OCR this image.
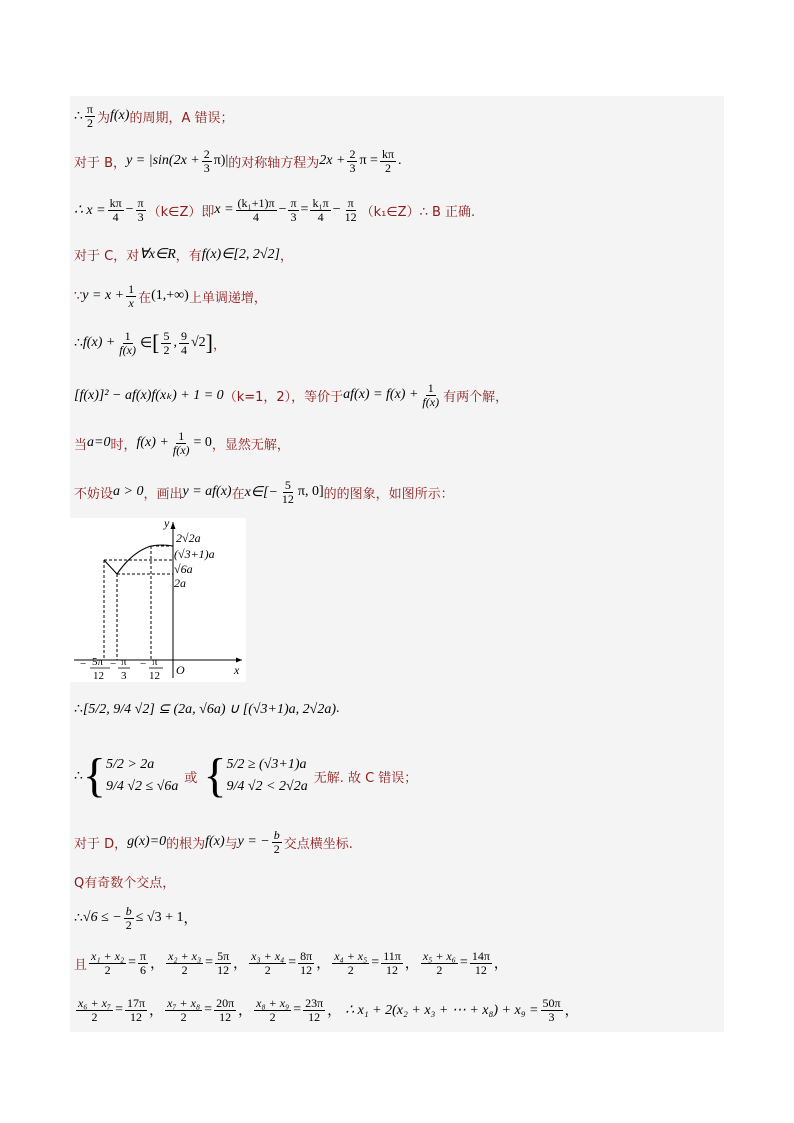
∴ $\frac{\pi}{2}$ 为 f(x) 的周期，A 错误；
对于 B， $y = |\sin(2x + \frac{2}{3} \pi)|$ 的对称轴方程为 $2x + \frac{2}{3}$ $\pi = \frac{k\pi}{2}$ .
∴ $x = \frac{k\pi}{4} - \frac{\pi}{3}$ （k∈Z）即 $x = \frac{\text{(k₁+1)π}}{4} - \frac{\pi}{3} = \frac{\text{k₁π}}{4} - \frac{\pi}{12}$ （k₁∈Z） ∴ B 正确.
对于 C，对 ∀x∈R ，有 f(x)∈[2, 2√2] ，
∵ $y = x + \frac{1}{x}$ 在 (1,+∞) 上单调递增，
∴ $f(x) + \frac{1}{f(x)}$ ∈ [ $\frac{5}{2}$ , $\frac{9}{4} √2$ ] ，
[f(x)]² − af(x)f(xₖ) + 1 = 0 （k=1，2），等价于 $af(x) = f(x) + \frac{1}{f(x)}$ 有两个解，
当 a=0 时， $f(x) + \frac{1}{f(x)} = 0$ ，显然无解，
不妨设 a > 0 ，画出 y = af(x) 在 x∈[− $\frac{5}{12} \pi$, 0] 的的图象，如图所示：
y
x
O
2√2a
(√3+1)a
√6a
2a
− 5π
12
− π
3
− π
12
∴ [5/2, 9/4 √2] ⊆ (2a, √6a) ∪ [(√3+1)a, 2√2a) .
∴ { 5/2 > 2a
9/4 √2 ≤ √6a
或 { 5/2 ≥ (√3+1)a
9/4 √2 < 2√2a
无解. 故 C 错误；
对于 D， g(x)=0 的根为 f(x) 与 y = − $\frac{b}{2}$ 交点横坐标.
Q有奇数个交点，
∴ √6 ≤ − $\frac{b}{2} \le √3 + 1$ ，
且 $\frac{\text{x₁ + x₂}}{2} = \frac{\pi}{6}$ ， $\frac{\text{x₂ + x₃}}{2} = \frac{5\pi}{12}$ ， $\frac{\text{x₃ + x₄}}{2} = \frac{8\pi}{12}$ ， $\frac{\text{x₄ + x₅}}{2} = \frac{11\pi}{12}$ ， $\frac{\text{x₅ + x₆}}{2} = \frac{14\pi}{12}$ ，
$\frac{\text{x₆ + x₇}}{2} = \frac{17\pi}{12}$ ， $\frac{\text{x₇ + x₈}}{2} = \frac{20\pi}{12}$ ， $\frac{\text{x₈ + x₉}}{2} = \frac{23\pi}{12}$ ， ∴ x₁ + 2(x₂ + x₃ + ⋯ + $x_8) + x_9 = \frac{50\pi}{3}$ ，
